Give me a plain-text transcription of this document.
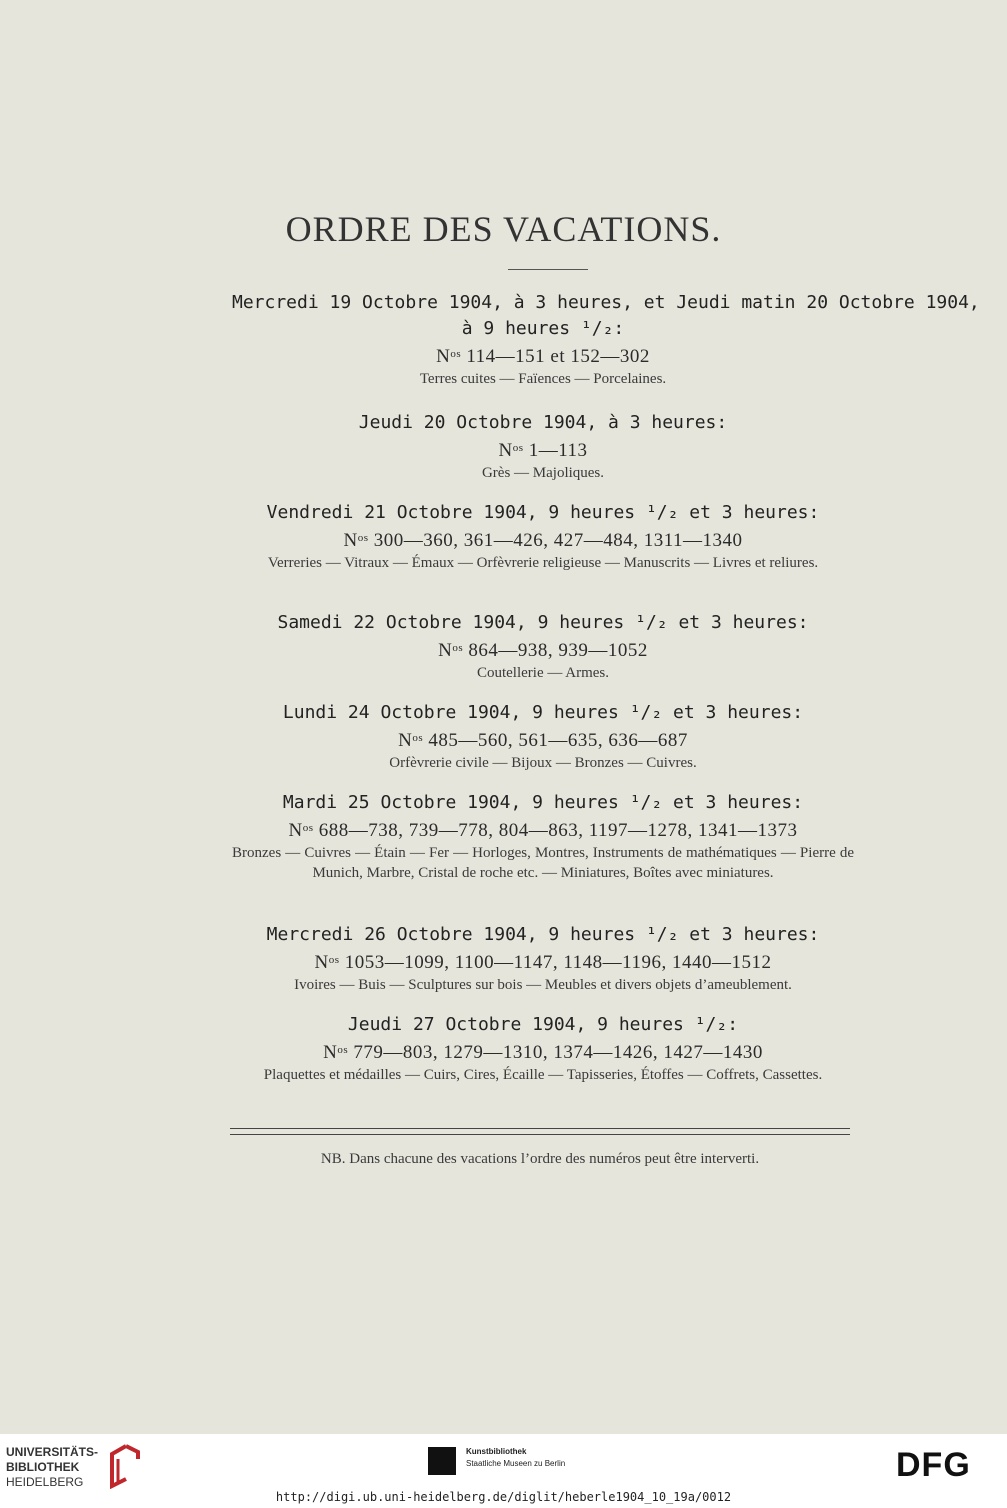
ORDRE DES VACATIONS.
Mercredi 19 Octobre 1904, à 3 heures, et Jeudi matin 20 Octobre 1904,
à 9 heures ¹/₂:
$N^{os}$ 114—151 et 152—302
Terres cuites — Faïences — Porcelaines.
Jeudi 20 Octobre 1904, à 3 heures:
$N^{os}$ 1—113
Grès — Majoliques.
Vendredi 21 Octobre 1904, 9 heures ¹/₂ et 3 heures:
$N^{os}$ 300—360, 361—426, 427—484, 1311—1340
Verreries — Vitraux — Émaux — Orfèvrerie religieuse — Manuscrits — Livres et reliures.
Samedi 22 Octobre 1904, 9 heures ¹/₂ et 3 heures:
$N^{os}$ 864—938, 939—1052
Coutellerie — Armes.
Lundi 24 Octobre 1904, 9 heures ¹/₂ et 3 heures:
$N^{os}$ 485—560, 561—635, 636—687
Orfèvrerie civile — Bijoux — Bronzes — Cuivres.
Mardi 25 Octobre 1904, 9 heures ¹/₂ et 3 heures:
$N^{os}$ 688—738, 739—778, 804—863, 1197—1278, 1341—1373
Bronzes — Cuivres — Étain — Fer — Horloges, Montres, Instruments de mathématiques — Pierre de Munich, Marbre, Cristal de roche etc. — Miniatures, Boîtes avec miniatures.
Mercredi 26 Octobre 1904, 9 heures ¹/₂ et 3 heures:
$N^{os}$ 1053—1099, 1100—1147, 1148—1196, 1440—1512
Ivoires — Buis — Sculptures sur bois — Meubles et divers objets d’ameublement.
Jeudi 27 Octobre 1904, 9 heures ¹/₂:
$N^{os}$ 779—803, 1279—1310, 1374—1426, 1427—1430
Plaquettes et médailles — Cuirs, Cires, Écaille — Tapisseries, Étoffes — Coffrets, Cassettes.
NB. Dans chacune des vacations l’ordre des numéros peut être interverti.
UNIVERSITÄTS-
BIBLIOTHEK
HEIDELBERG
Kunstbibliothek
Staatliche Museen zu Berlin	DFG
http://digi.ub.uni-heidelberg.de/diglit/heberle1904_10_19a/0012
